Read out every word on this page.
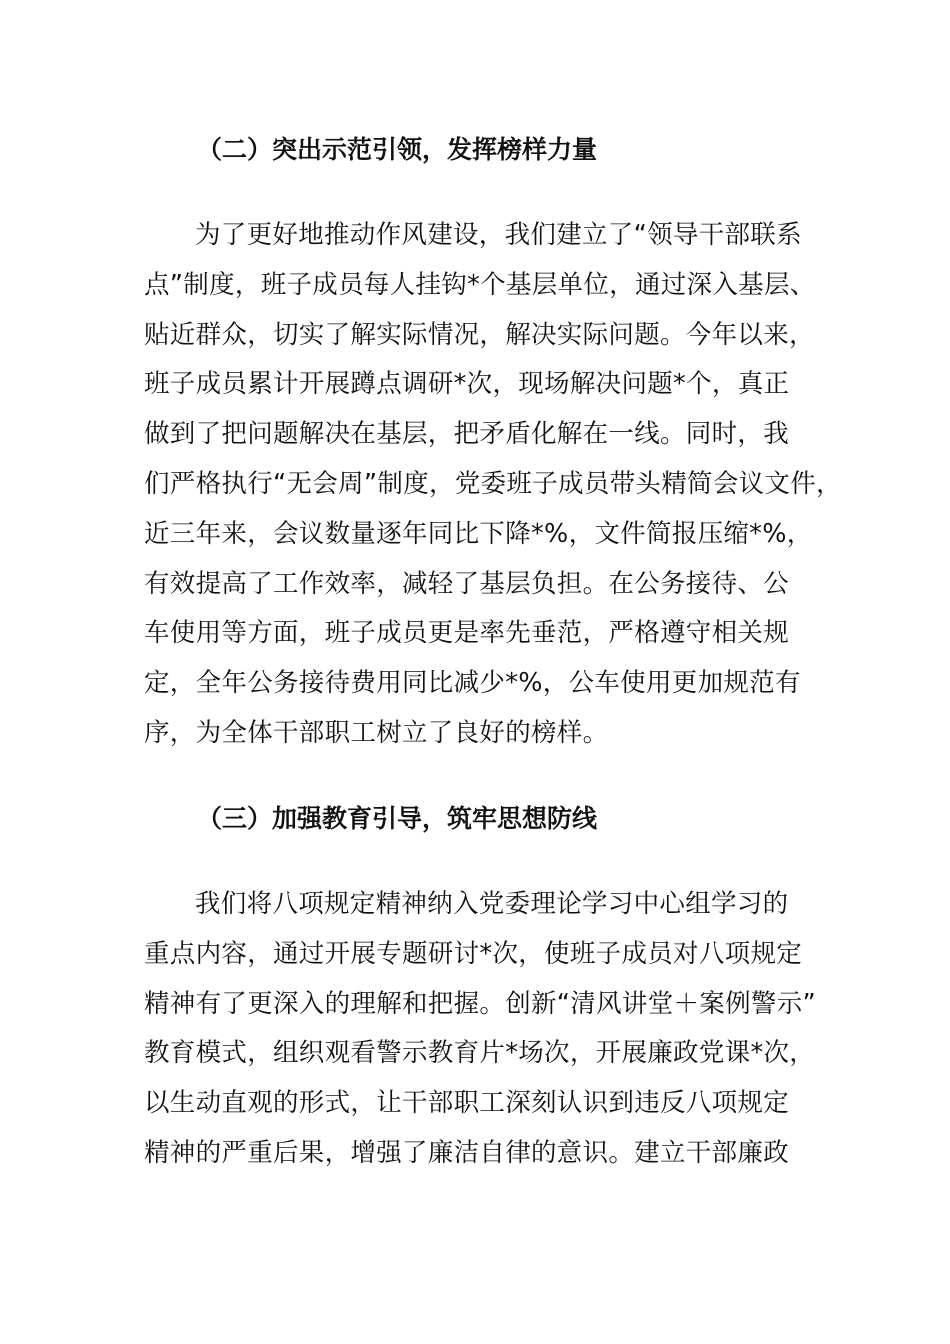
（二）突出示范引领，发挥榜样力量
为了更好地推动作风建设，我们建立了“领导干部联系
点”制度，班子成员每人挂钩*个基层单位，通过深入基层、
贴近群众，切实了解实际情况，解决实际问题。今年以来，
班子成员累计开展蹲点调研*次，现场解决问题*个，真正
做到了把问题解决在基层，把矛盾化解在一线。同时，我
们严格执行“无会周”制度，党委班子成员带头精简会议文件，
近三年来，会议数量逐年同比下降*%，文件简报压缩*%，
有效提高了工作效率，减轻了基层负担。在公务接待、公
车使用等方面，班子成员更是率先垂范，严格遵守相关规
定，全年公务接待费用同比减少*%，公车使用更加规范有
序，为全体干部职工树立了良好的榜样。
（三）加强教育引导，筑牢思想防线
我们将八项规定精神纳入党委理论学习中心组学习的
重点内容，通过开展专题研讨*次，使班子成员对八项规定
精神有了更深入的理解和把握。创新“清风讲堂＋案例警示”
教育模式，组织观看警示教育片*场次，开展廉政党课*次，
以生动直观的形式，让干部职工深刻认识到违反八项规定
精神的严重后果，增强了廉洁自律的意识。建立干部廉政
